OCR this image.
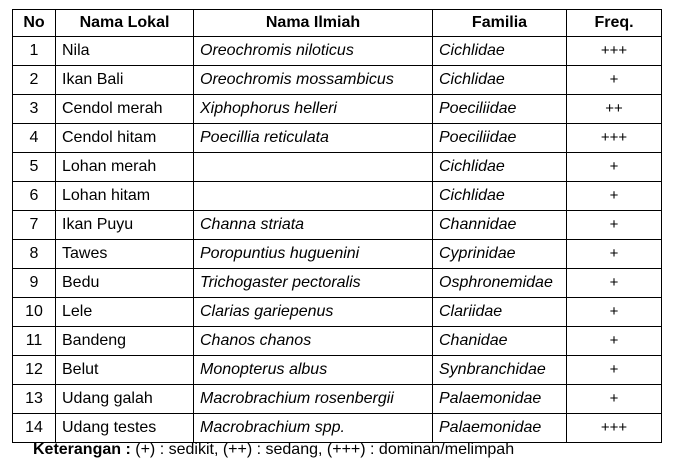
No	Nama Lokal	Nama Ilmiah	Familia	Freq.
1	Nila	Oreochromis niloticus	Cichlidae	+++
2	Ikan Bali	Oreochromis mossambicus	Cichlidae	+
3	Cendol merah	Xiphophorus helleri	Poeciliidae	++
4	Cendol hitam	Poecillia reticulata	Poeciliidae	+++
5	Lohan merah		Cichlidae	+
6	Lohan hitam		Cichlidae	+
7	Ikan Puyu	Channa striata	Channidae	+
8	Tawes	Poropuntius huguenini	Cyprinidae	+
9	Bedu	Trichogaster pectoralis	Osphronemidae	+
10	Lele	Clarias gariepenus	Clariidae	+
11	Bandeng	Chanos chanos	Chanidae	+
12	Belut	Monopterus albus	Synbranchidae	+
13	Udang galah	Macrobrachium rosenbergii	Palaemonidae	+
14	Udang testes	Macrobrachium spp.	Palaemonidae	+++
Keterangan : (+) : sedikit, (++) : sedang, (+++) : dominan/melimpah
